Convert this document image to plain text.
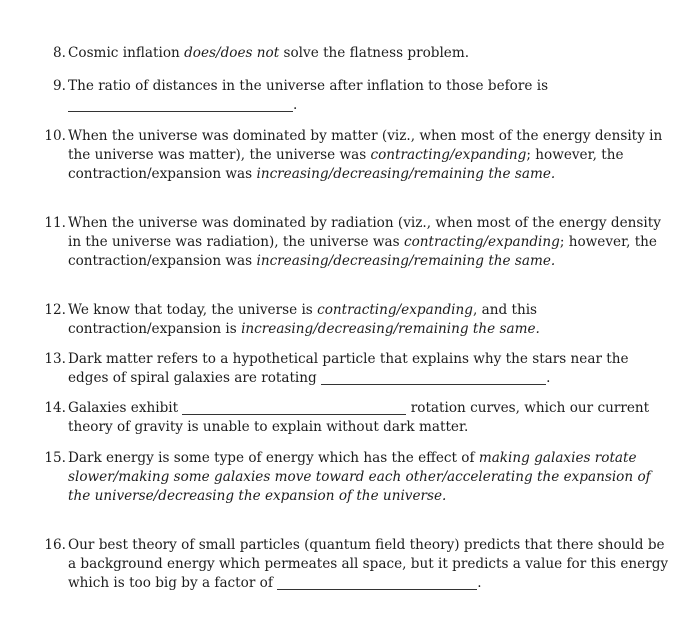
8. Cosmic inflation does/does not solve the flatness problem.
9. The ratio of distances in the universe after inflation to those before is
.
10. When the universe was dominated by matter (viz., when most of the energy density in the universe was matter), the universe was contracting/expanding; however, the contraction/expansion was increasing/decreasing/remaining the same.
11. When the universe was dominated by radiation (viz., when most of the energy density in the universe was radiation), the universe was contracting/expanding; however, the contraction/expansion was increasing/decreasing/remaining the same.
12. We know that today, the universe is contracting/expanding, and this contraction/expansion is increasing/decreasing/remaining the same.
13. Dark matter refers to a hypothetical particle that explains why the stars near the edges of spiral galaxies are rotating	.
14. Galaxies exhibit	rotation curves, which our current theory of gravity is unable to explain without dark matter.
15. Dark energy is some type of energy which has the effect of making galaxies rotate slower/making some galaxies move toward each other/accelerating the expansion of the universe/decreasing the expansion of the universe.
16. Our best theory of small particles (quantum field theory) predicts that there should be a background energy which permeates all space, but it predicts a value for this energy which is too big by a factor of	.
